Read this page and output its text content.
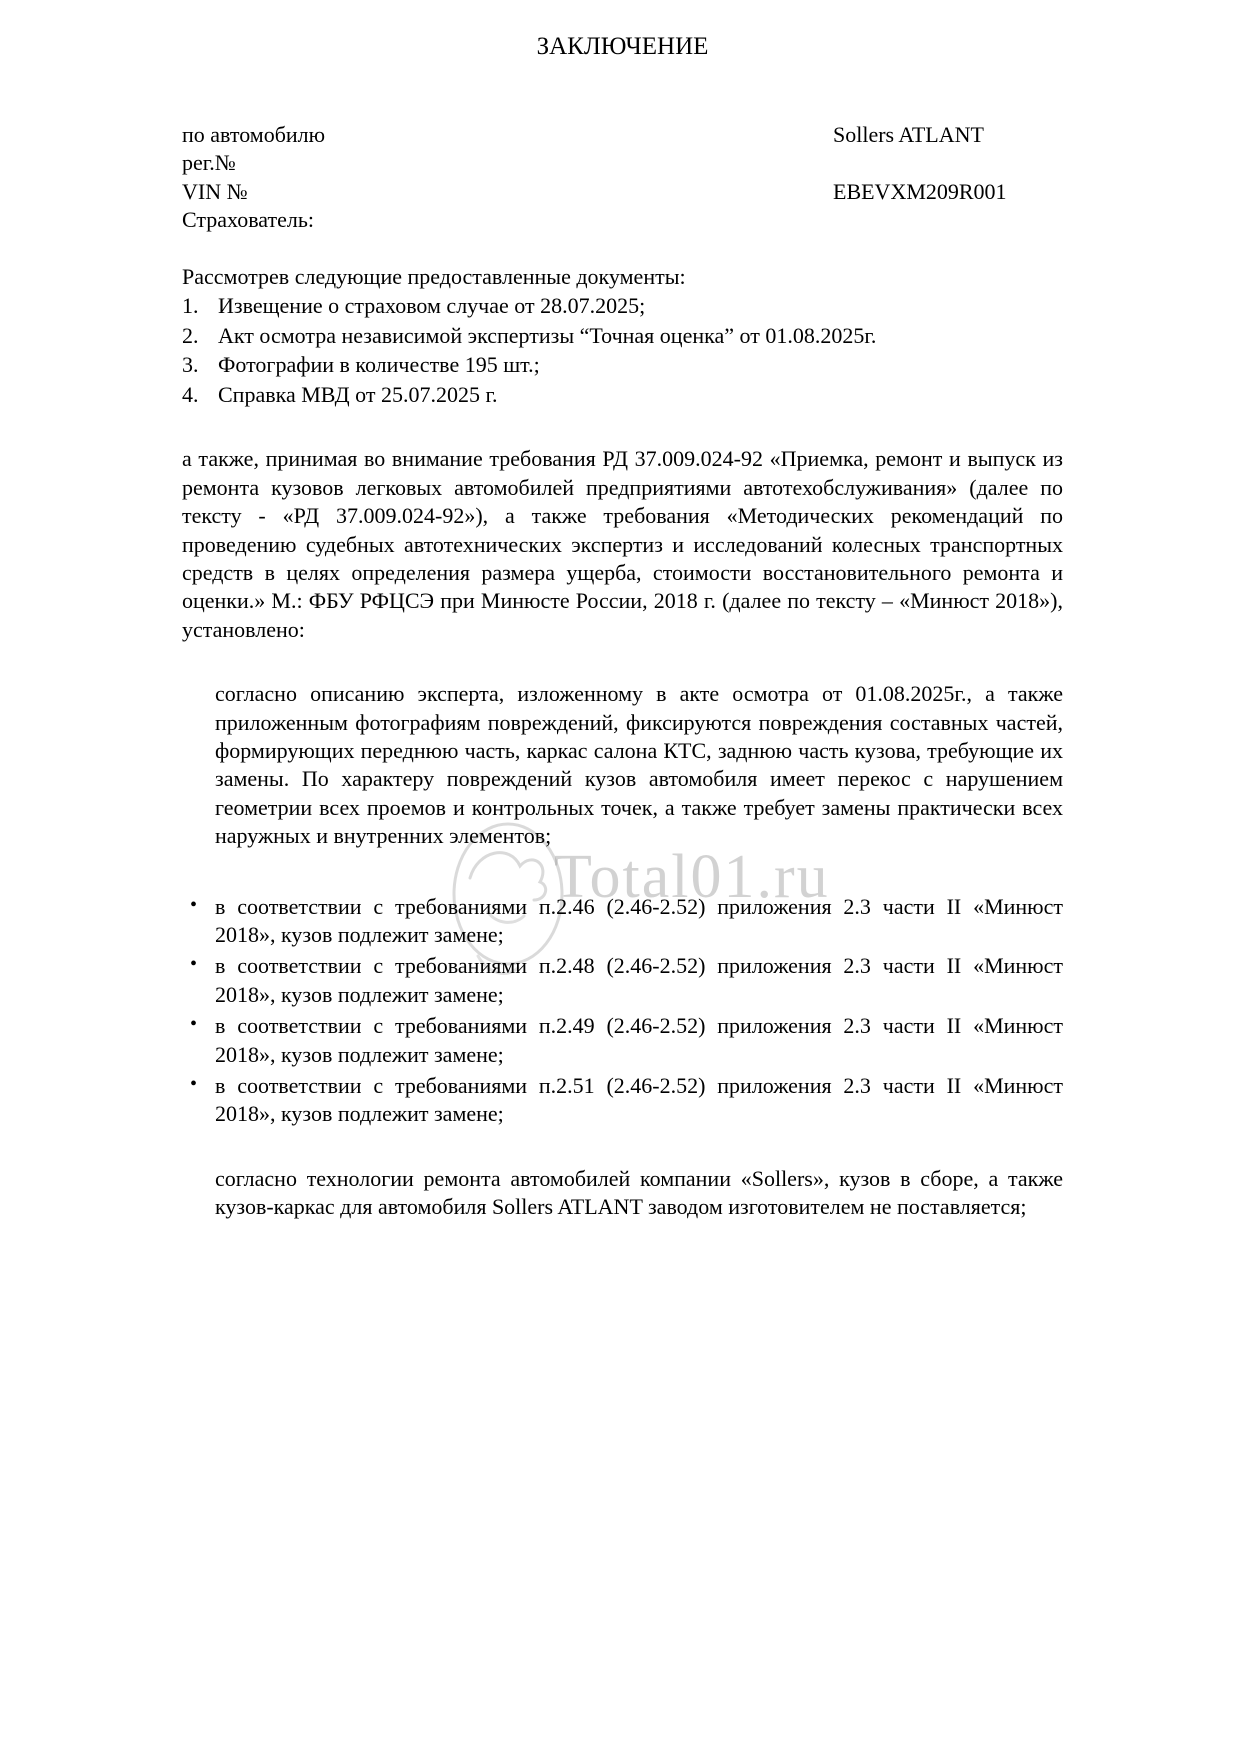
Total01.ru
ЗАКЛЮЧЕНИЕ
по автомобилю	Sollers ATLANT
рег.№
VIN №	EBEVXM209R001
Страхователь:
Рассмотрев следующие предоставленные документы:
1. Извещение о страховом случае от 28.07.2025;
2. Акт осмотра независимой экспертизы “Точная оценка” от 01.08.2025г.
3. Фотографии в количестве 195 шт.;
4. Справка МВД от 25.07.2025 г.
а также, принимая во внимание требования РД 37.009.024-92 «Приемка, ремонт и выпуск из ремонта кузовов легковых автомобилей предприятиями автотехобслуживания» (далее по тексту - «РД 37.009.024-92»), а также требования «Методических рекомендаций по проведению судебных автотехнических экспертиз и исследований колесных транспортных средств в целях определения размера ущерба, стоимости восстановительного ремонта и оценки.» М.: ФБУ РФЦСЭ при Минюсте России, 2018 г. (далее по тексту – «Минюст 2018»), установлено:
согласно описанию эксперта, изложенному в акте осмотра от 01.08.2025г., а также приложенным фотографиям повреждений, фиксируются повреждения составных частей, формирующих переднюю часть, каркас салона КТС, заднюю часть кузова, требующие их замены. По характеру повреждений кузов автомобиля имеет перекос с нарушением геометрии всех проемов и контрольных точек, а также требует замены практически всех наружных и внутренних элементов;
• в соответствии с требованиями п.2.46 (2.46-2.52) приложения 2.3 части II «Минюст 2018», кузов подлежит замене;
• в соответствии с требованиями п.2.48 (2.46-2.52) приложения 2.3 части II «Минюст 2018», кузов подлежит замене;
• в соответствии с требованиями п.2.49 (2.46-2.52) приложения 2.3 части II «Минюст 2018», кузов подлежит замене;
• в соответствии с требованиями п.2.51 (2.46-2.52) приложения 2.3 части II «Минюст 2018», кузов подлежит замене;
согласно технологии ремонта автомобилей компании «Sollers», кузов в сборе, а также кузов-каркас для автомобиля Sollers ATLANT заводом изготовителем не поставляется;
